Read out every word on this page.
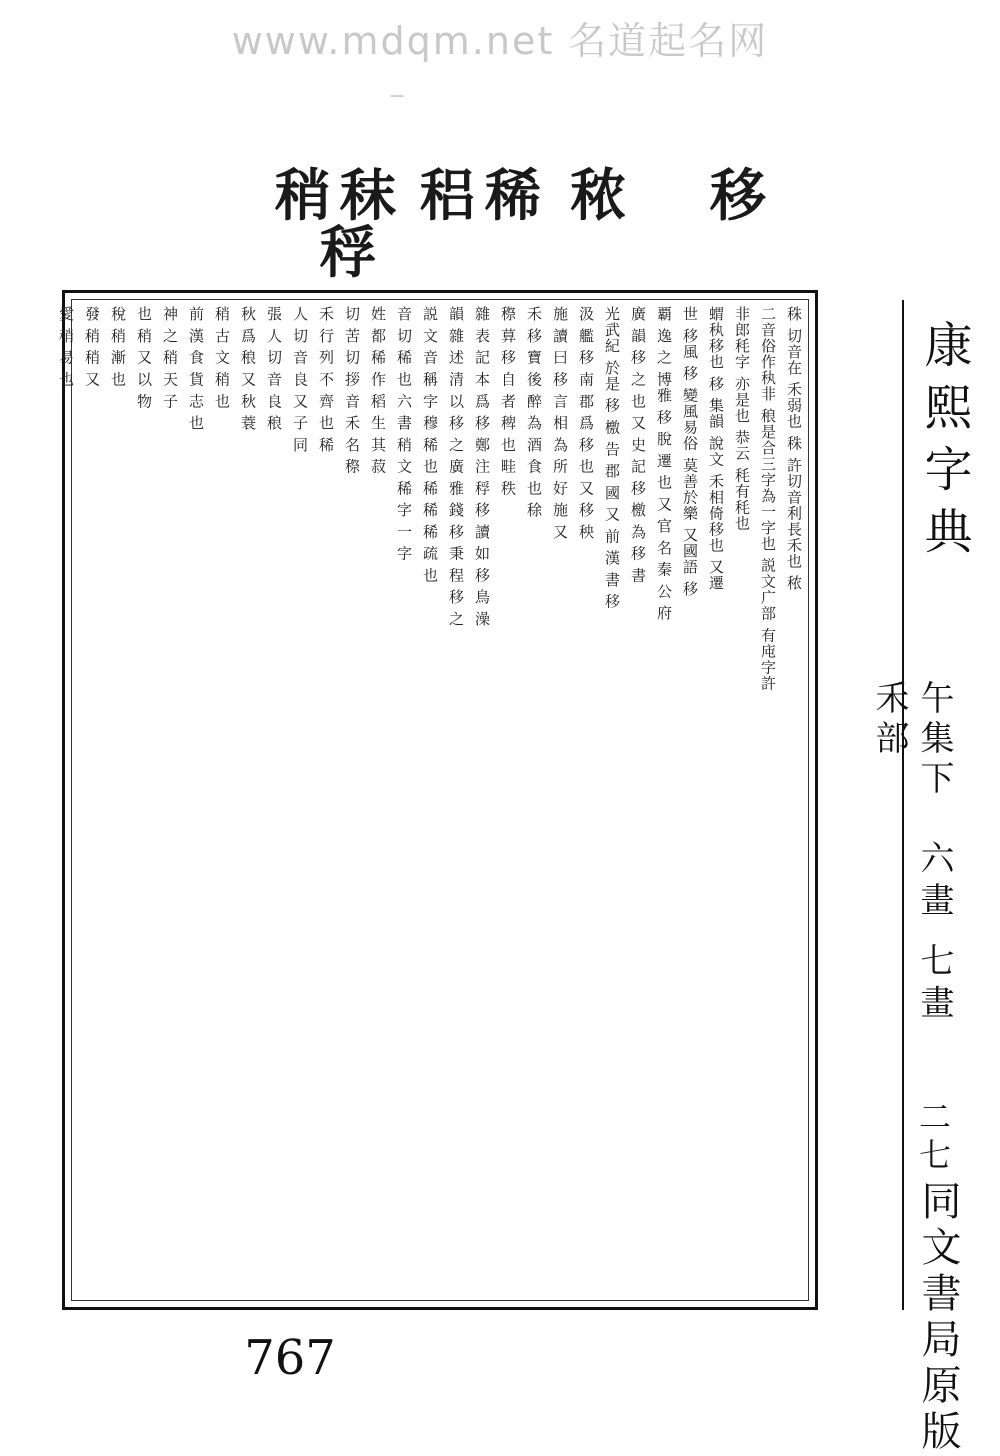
www.mdqm.net 名道起名网
—
移
秾
稀
稆
秣
稍
稃
秼 切音在 禾弱也 秼 許切音利長禾也 秾
二音俗作秇非 稂是合三字為一字也 説文广部 有庉字許
非郎秏字 亦是也 恭云 秏有秏也
蝟秇移也 移 集韻 說文 禾相倚移也 又遷
世 移風 移 變風易俗 莫善於樂 又國語 移
覇 逸 之 博雅 移 脫 遷 也 又 官 名 秦 公 府
廣 韻 移 之 也 又 史 記 移 檄 為 移 書
光武紀 於是 移 檄 告 郡 國 又 前 漢 書 移
汲 艦 移 南 郡 爲 移 也 又 移 秧
施 讀 曰 移 言 相 為 所 好 施 又
禾 移 寶 後 醉 為 酒 食 也 稌
穄 萛 移 自 者 稗 也 畦 秩
雜 表 記 本 爲 移 鄭 注 稃 移 讀 如 移 鳥 澡
韻 雜 述 清 以 移 之 廣 雅 錢 移 秉 程 移 之
説 文 音 稱 字 穆 稀 也 稀 稀 稀 疏 也
音 切 稀 也 六 書 稍 文 稀 字 一 字
姓 都 稀 作 稻 生 其 菽
切 苦 切 拶 音 禾 名 穄
禾 行 列 不 齊 也 稀
人 切 音 良 又 子 同
張 人 切 音 良 稂
秋 爲 稂 又 秋 蓑
稍 古 文 稍 也
前 漢 食 貨 志 也
神 之 稍 天 子
也 稍 又 以 物
稅 稍 漸 也
發 稍 稍 又
愛 稍 易 也	康熙字典
午集下
禾部
六畫 七畫
二七
同文書局原版
767
